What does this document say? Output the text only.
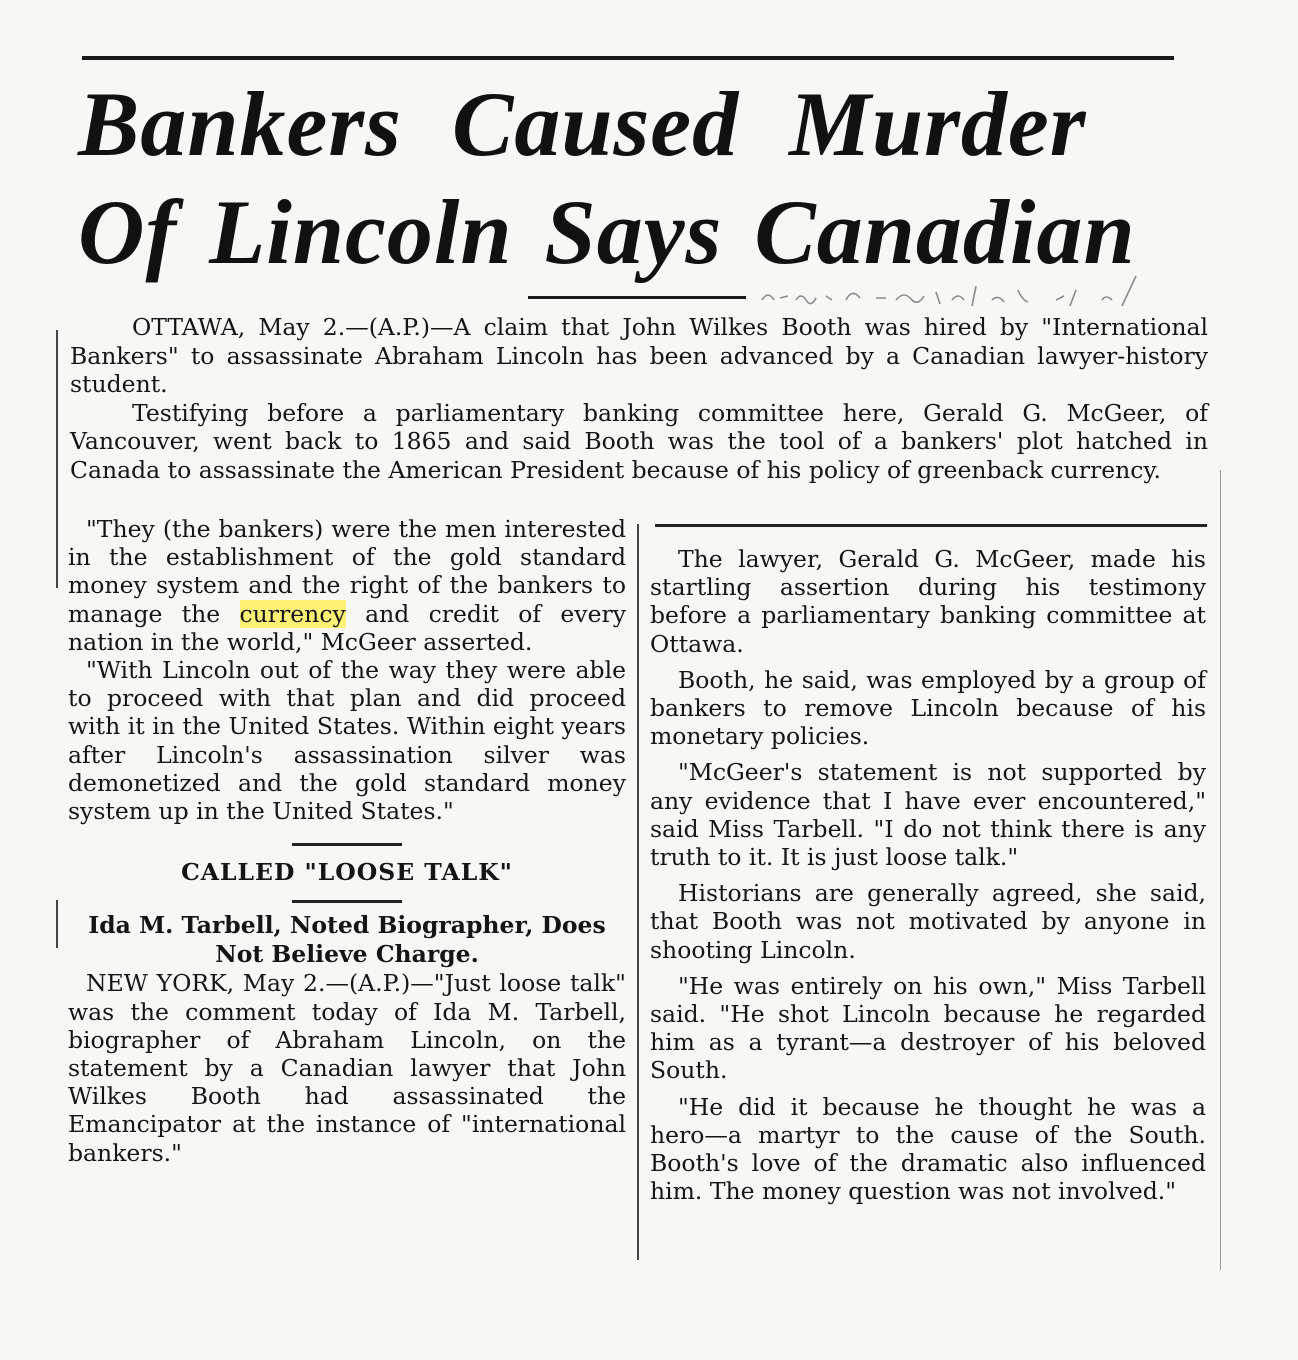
Bankers Caused Murder
Of Lincoln Says Canadian

OTTAWA, May 2.—(A.P.)—A claim that John Wilkes Booth was hired by "International Bankers" to assassinate Abraham Lincoln has been advanced by a Canadian lawyer-history student.

Testifying before a parliamentary banking committee here, Gerald G. McGeer, of Vancouver, went back to 1865 and said Booth was the tool of a bankers' plot hatched in Canada to assassinate the American President because of his policy of greenback currency.

"They (the bankers) were the men interested in the establishment of the gold standard money system and the right of the bankers to manage the currency and credit of every nation in the world," McGeer asserted.

"With Lincoln out of the way they were able to proceed with that plan and did proceed with it in the United States. Within eight years after Lincoln's assassination silver was demonetized and the gold standard money system up in the United States."

CALLED "LOOSE TALK"
Ida M. Tarbell, Noted Biographer, Does Not Believe Charge.

NEW YORK, May 2.—(A.P.)—"Just loose talk" was the comment today of Ida M. Tarbell, biographer of Abraham Lincoln, on the statement by a Canadian lawyer that John Wilkes Booth had assassinated the Emancipator at the instance of "international bankers."

The lawyer, Gerald G. McGeer, made his startling assertion during his testimony before a parliamentary banking committee at Ottawa.

Booth, he said, was employed by a group of bankers to remove Lincoln because of his monetary policies.

"McGeer's statement is not supported by any evidence that I have ever encountered," said Miss Tarbell. "I do not think there is any truth to it. It is just loose talk."

Historians are generally agreed, she said, that Booth was not motivated by anyone in shooting Lincoln.

"He was entirely on his own," Miss Tarbell said. "He shot Lincoln because he regarded him as a tyrant—a destroyer of his beloved South.

"He did it because he thought he was a hero—a martyr to the cause of the South. Booth's love of the dramatic also influenced him. The money question was not involved."
